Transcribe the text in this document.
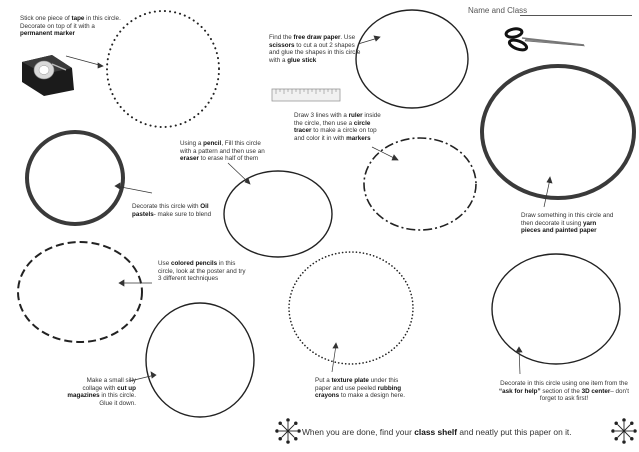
Name and Class
Stick one piece of tape in this circle. Decorate on top of it with a permanent marker
Find the free draw paper. Use scissors to cut a out 2 shapes and glue the shapes in this circle with a glue stick
Draw 3 lines with a ruler inside the circle, then use a circle tracer to make a circle on top and color it in with markers
Using a pencil, Fill this circle with a pattern and then use an eraser to erase half of them
Decorate this circle with Oil pastels- make sure to blend	Draw something in this circle and then decorate it using yarn pieces and painted paper
Use colored pencils in this circle, look at the poster and try 3 different techniques
Make a small silly collage with cut up magazines in this circle. Glue it down.
Put a texture plate under this paper and use peeled rubbing crayons to make a design here.
Decorate in this circle using one item from the “ask for help” section of the 3D center– don't forget to ask first!
When you are done, find your class shelf and neatly put this paper on it.
